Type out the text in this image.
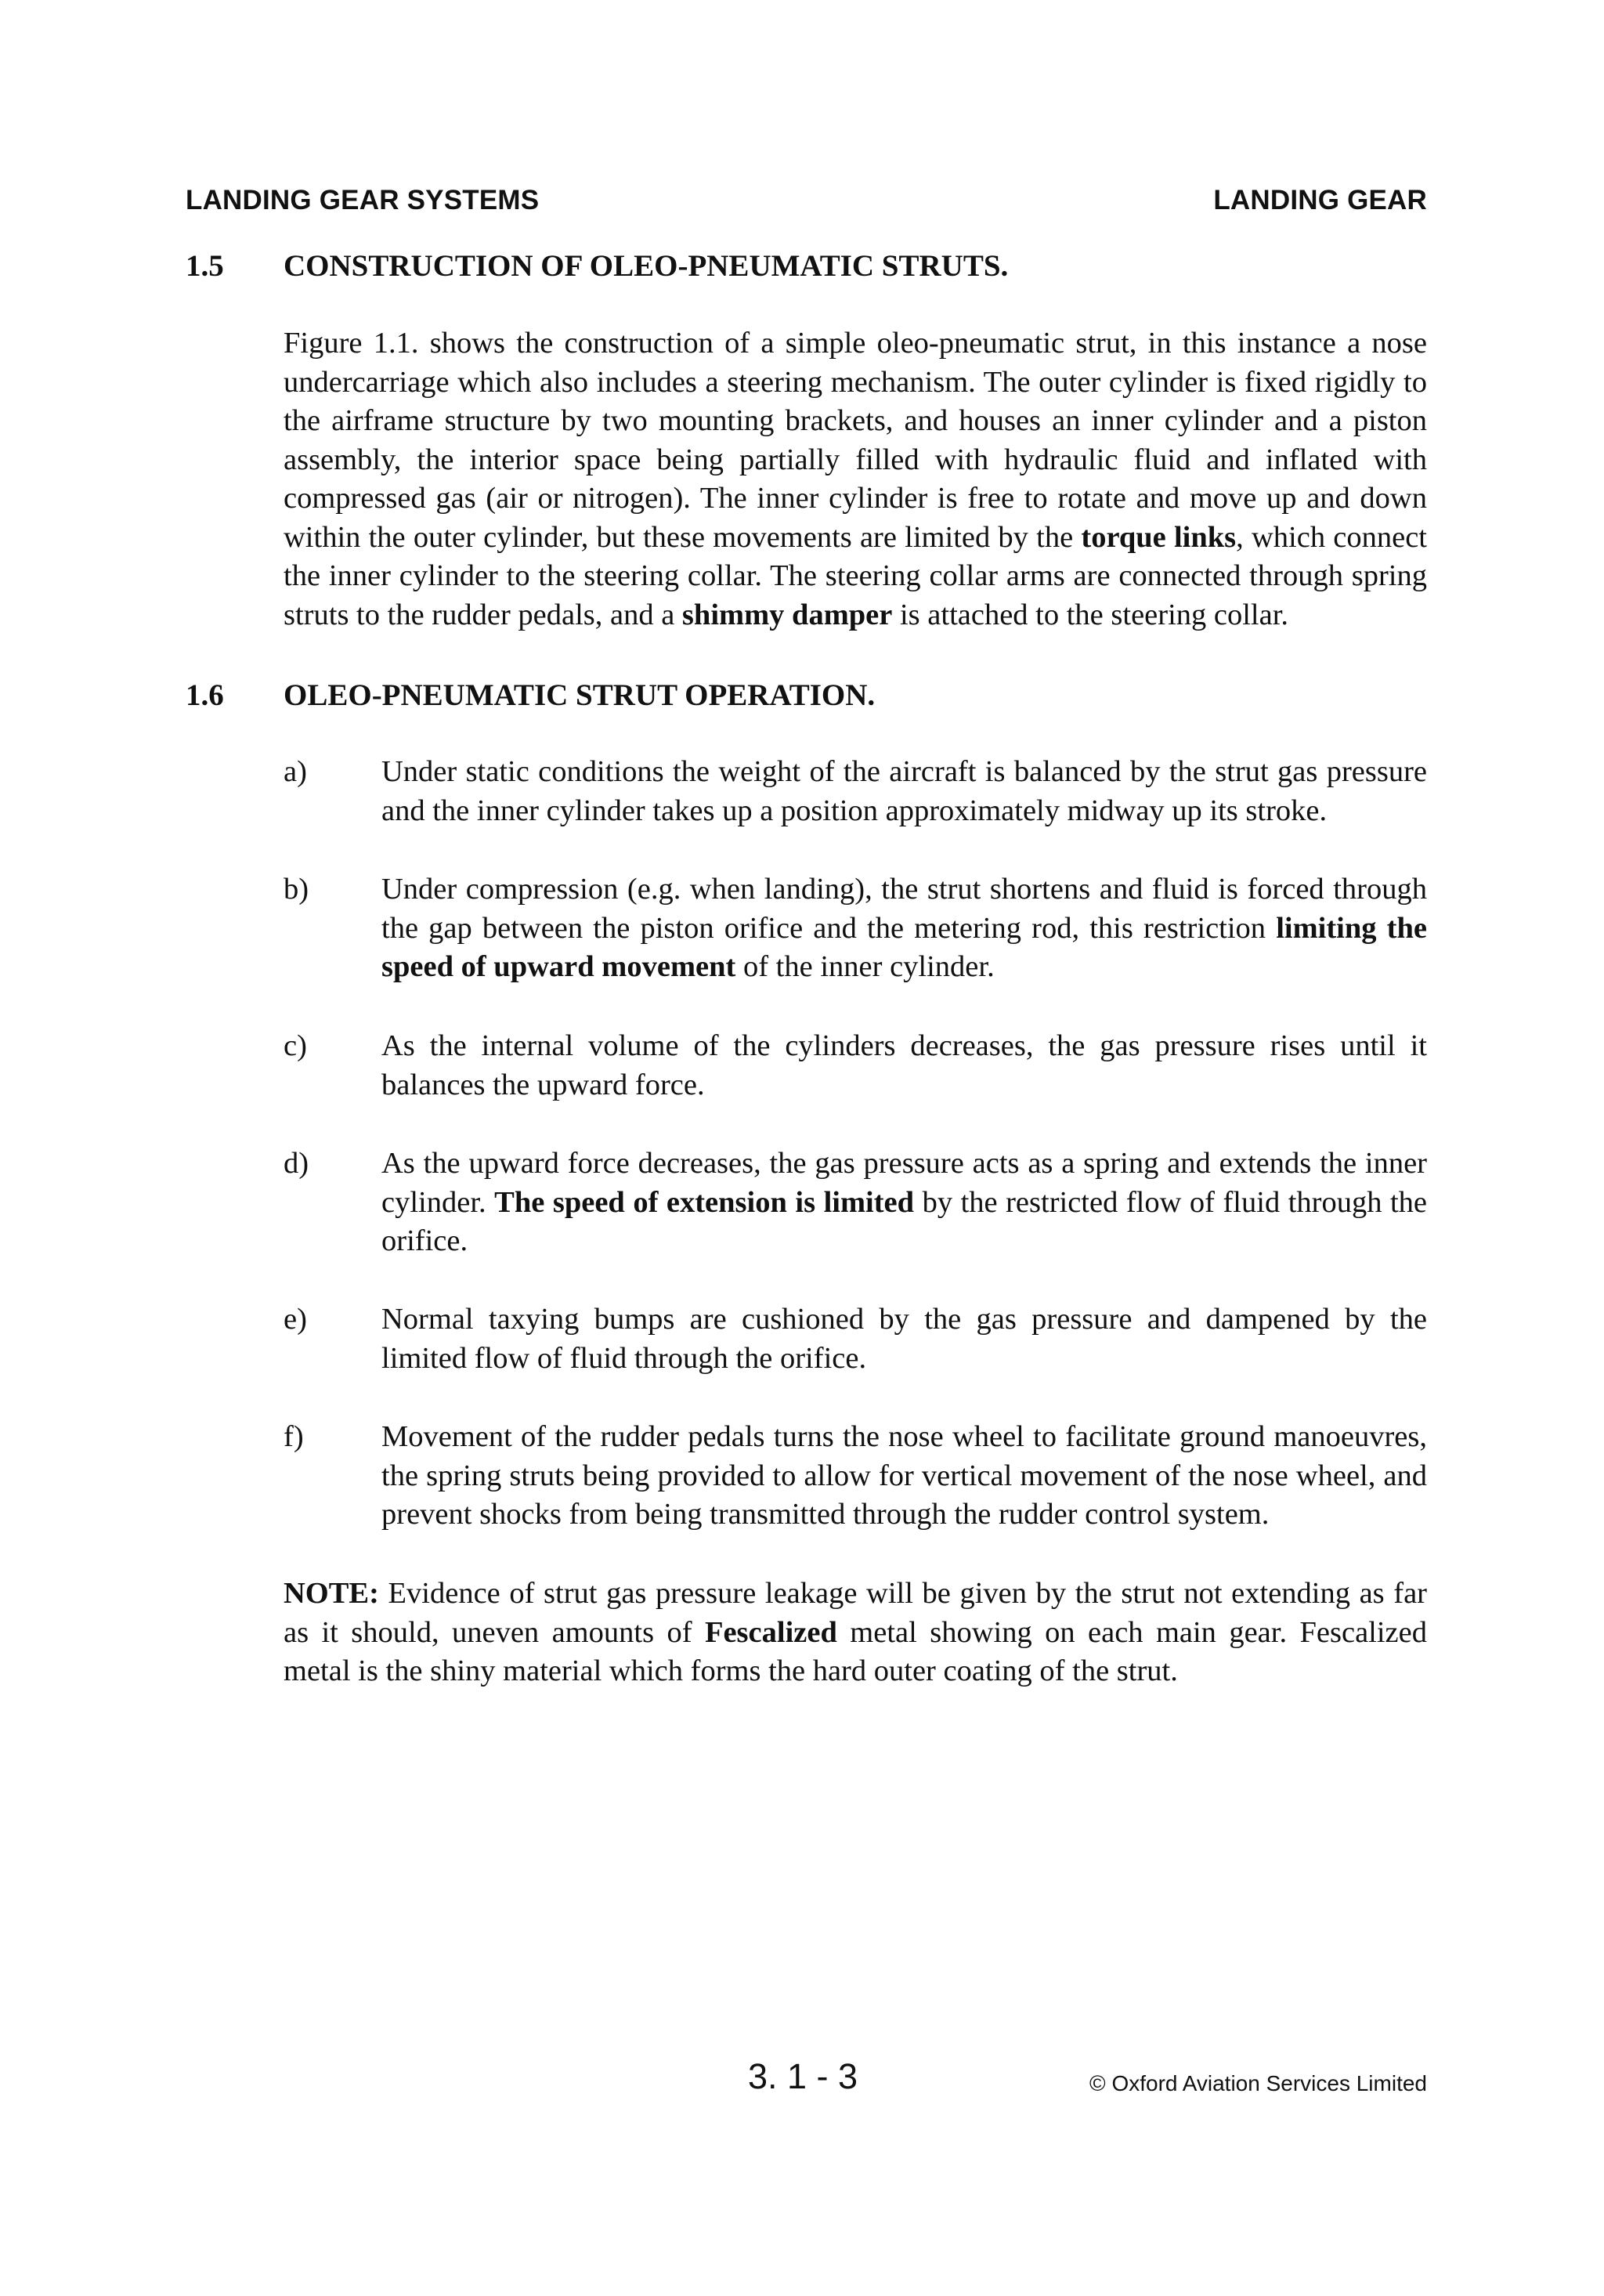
LANDING GEAR SYSTEMS	LANDING GEAR
1.5 CONSTRUCTION OF OLEO-PNEUMATIC STRUTS.
Figure 1.1. shows the construction of a simple oleo-pneumatic strut, in this instance a nose undercarriage which also includes a steering mechanism. The outer cylinder is fixed rigidly to the airframe structure by two mounting brackets, and houses an inner cylinder and a piston assembly, the interior space being partially filled with hydraulic fluid and inflated with compressed gas (air or nitrogen). The inner cylinder is free to rotate and move up and down within the outer cylinder, but these movements are limited by the torque links, which connect the inner cylinder to the steering collar. The steering collar arms are connected through spring struts to the rudder pedals, and a shimmy damper is attached to the steering collar.
1.6 OLEO-PNEUMATIC STRUT OPERATION.
a)	Under static conditions the weight of the aircraft is balanced by the strut gas pressure and the inner cylinder takes up a position approximately midway up its stroke.
b)	Under compression (e.g. when landing), the strut shortens and fluid is forced through the gap between the piston orifice and the metering rod, this restriction limiting the speed of upward movement of the inner cylinder.
c)	As the internal volume of the cylinders decreases, the gas pressure rises until it balances the upward force.
d)	As the upward force decreases, the gas pressure acts as a spring and extends the inner cylinder. The speed of extension is limited by the restricted flow of fluid through the orifice.
e)	Normal taxying bumps are cushioned by the gas pressure and dampened by the limited flow of fluid through the orifice.
f)	Movement of the rudder pedals turns the nose wheel to facilitate ground manoeuvres, the spring struts being provided to allow for vertical movement of the nose wheel, and prevent shocks from being transmitted through the rudder control system.
NOTE: Evidence of strut gas pressure leakage will be given by the strut not extending as far as it should, uneven amounts of Fescalized metal showing on each main gear. Fescalized metal is the shiny material which forms the hard outer coating of the strut.
3. 1 - 3	© Oxford Aviation Services Limited
